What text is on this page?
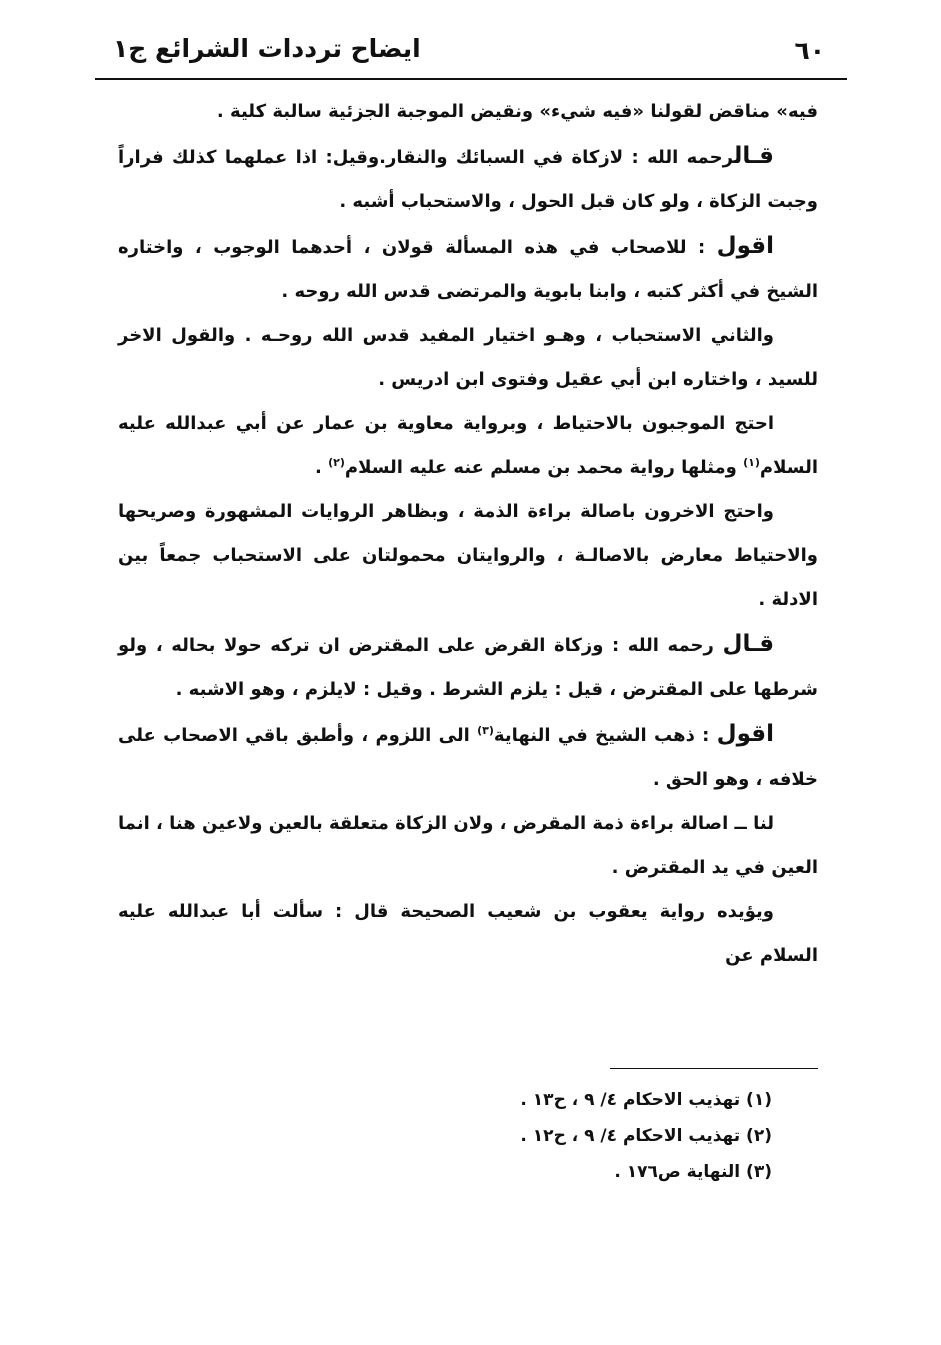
٦٠
ايضاح ترددات الشرائع ج١

فيه» مناقض لقولنا «فيه شيء» ونقيض الموجبة الجزئية سالبة كلية .

قـالرحمه الله : لازكاة في السبائك والنقار.وقيل: اذا عملهما كذلك فراراً وجبت الزكاة ، ولو كان قبل الحول ، والاستحباب أشبه .

اقول : للاصحاب في هذه المسألة قولان ، أحدهما الوجوب ، واختاره الشيخ في أكثر كتبه ، وابنا بابوية والمرتضى قدس الله روحه .

والثاني الاستحباب ، وهـو اختيار المفيد قدس الله روحـه . والقول الاخر للسيد ، واختاره ابن أبي عقيل وفتوى ابن ادريس .

احتج الموجبون بالاحتياط ، وبرواية معاوية بن عمار عن أبي عبدالله عليه السلام$^{(١)}$ ومثلها رواية محمد بن مسلم عنه عليه السلام$^{(٢)}$ .

واحتج الاخرون باصالة براءة الذمة ، وبظاهر الروايات المشهورة وصريحها والاحتياط معارض بالاصالـة ، والروايتان محمولتان على الاستحباب جمعاً بين الادلة .

قـال رحمه الله : وزكاة القرض على المقترض ان تركه حولا بحاله ، ولو شرطها على المقترض ، قيل : يلزم الشرط . وقيل : لايلزم ، وهو الاشبه .

اقول : ذهب الشيخ في النهاية$^{(٣)}$ الى اللزوم ، وأطبق باقي الاصحاب على خلافه ، وهو الحق .

لنا ــ اصالة براءة ذمة المقرض ، ولان الزكاة متعلقة بالعين ولاعين هنا ، انما العين في يد المقترض .

ويؤيده رواية يعقوب بن شعيب الصحيحة قال : سألت أبا عبدالله عليه السلام عن

(١) تهذيب الاحكام ٤/ ٩ ، ح١٣ .

(٢) تهذيب الاحكام ٤/ ٩ ، ح١٢ .

(٣) النهاية ص١٧٦ .
